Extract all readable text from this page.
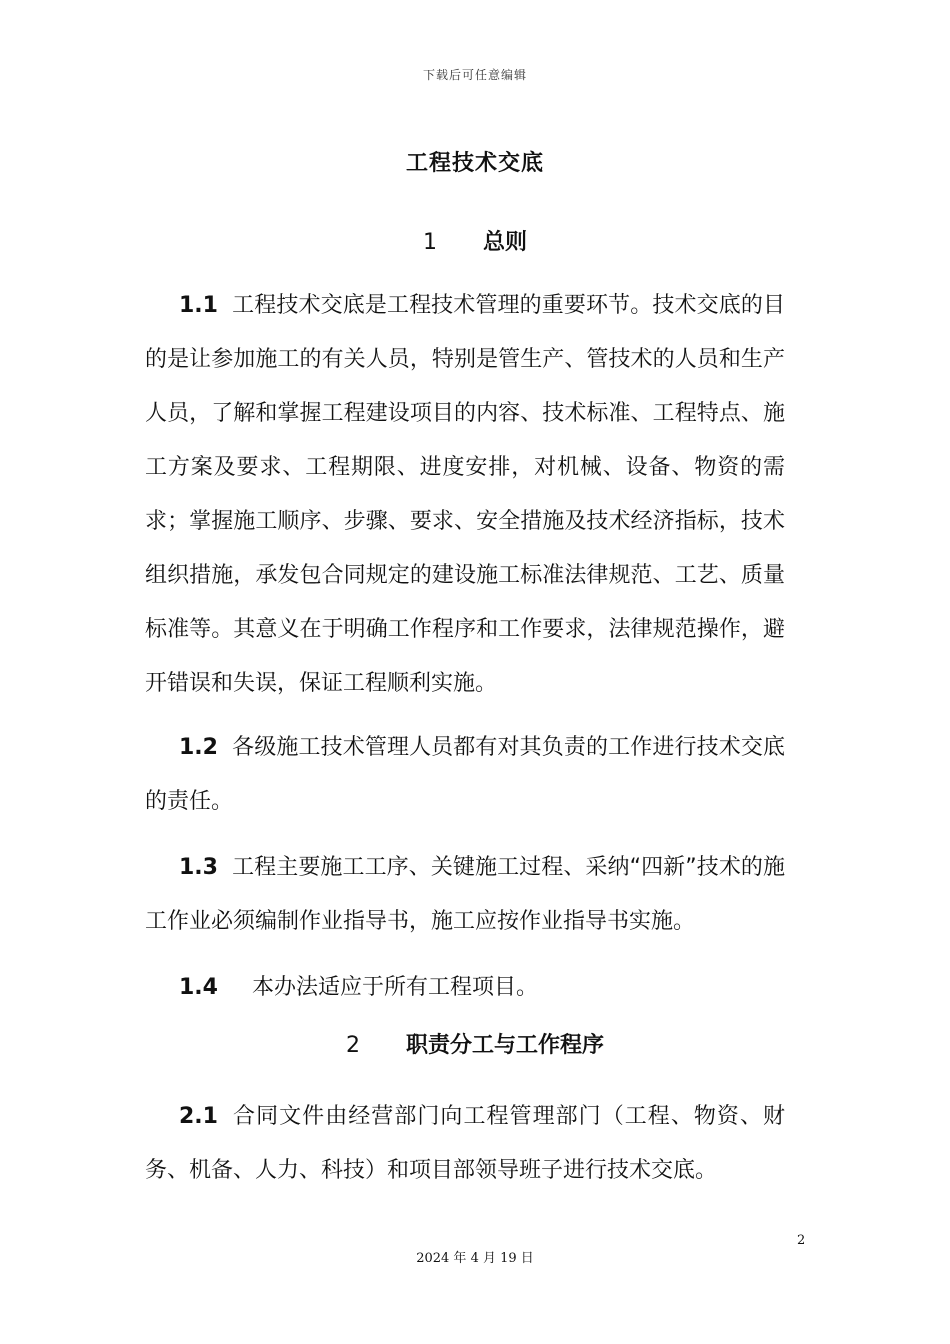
下载后可任意编辑
工程技术交底
1 总则

1.1 工程技术交底是工程技术管理的重要环节。技术交底的目的是让参加施工的有关人员，特别是管生产、管技术的人员和生产人员，了解和掌握工程建设项目的内容、技术标准、工程特点、施工方案及要求、工程期限、进度安排，对机械、设备、物资的需求；掌握施工顺序、步骤、要求、安全措施及技术经济指标，技术组织措施，承发包合同规定的建设施工标准法律规范、工艺、质量标准等。其意义在于明确工作程序和工作要求，法律规范操作，避开错误和失误，保证工程顺利实施。

1.2 各级施工技术管理人员都有对其负责的工作进行技术交底的责任。

1.3 工程主要施工工序、关键施工过程、采纳“四新”技术的施工作业必须编制作业指导书，施工应按作业指导书实施。

1.4 本办法适应于所有工程项目。

2 职责分工与工作程序

2.1 合同文件由经营部门向工程管理部门（工程、物资、财务、机备、人力、科技）和项目部领导班子进行技术交底。

2
2024 年 4 月 19 日
